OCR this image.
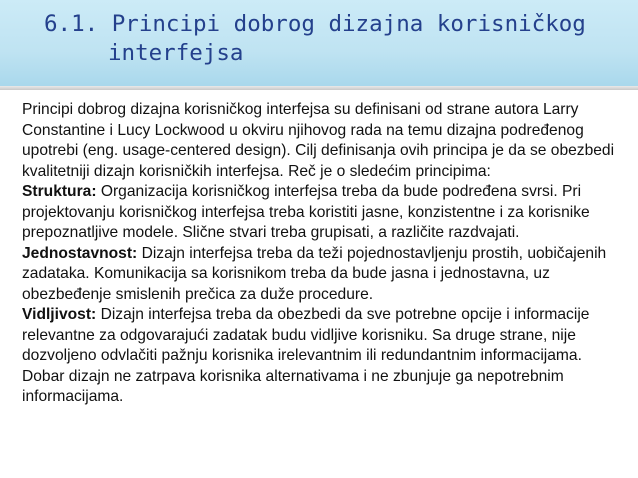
6.1. Principi dobrog dizajna korisničkog
interfejsa

Principi dobrog dizajna korisničkog interfejsa su definisani od strane autora Larry Constantine i Lucy Lockwood u okviru njihovog rada na temu dizajna podređenog upotrebi (eng. usage-centered design). Cilj definisanja ovih principa je da se obezbedi kvalitetniji dizajn korisničkih interfejsa. Reč je o sledećim principima:

Struktura: Organizacija korisničkog interfejsa treba da bude podređena svrsi. Pri projektovanju korisničkog interfejsa treba koristiti jasne, konzistentne i za korisnike prepoznatljive modele. Slične stvari treba grupisati, a različite razdvajati.

Jednostavnost: Dizajn interfejsa treba da teži pojednostavljenju prostih, uobičajenih zadataka. Komunikacija sa korisnikom treba da bude jasna i jednostavna, uz obezbeđenje smislenih prečica za duže procedure.

Vidljivost: Dizajn interfejsa treba da obezbedi da sve potrebne opcije i informacije relevantne za odgovarajući zadatak budu vidljive korisniku. Sa druge strane, nije dozvoljeno odvlačiti pažnju korisnika irelevantnim ili redundantnim informacijama. Dobar dizajn ne zatrpava korisnika alternativama i ne zbunjuje ga nepotrebnim informacijama.
